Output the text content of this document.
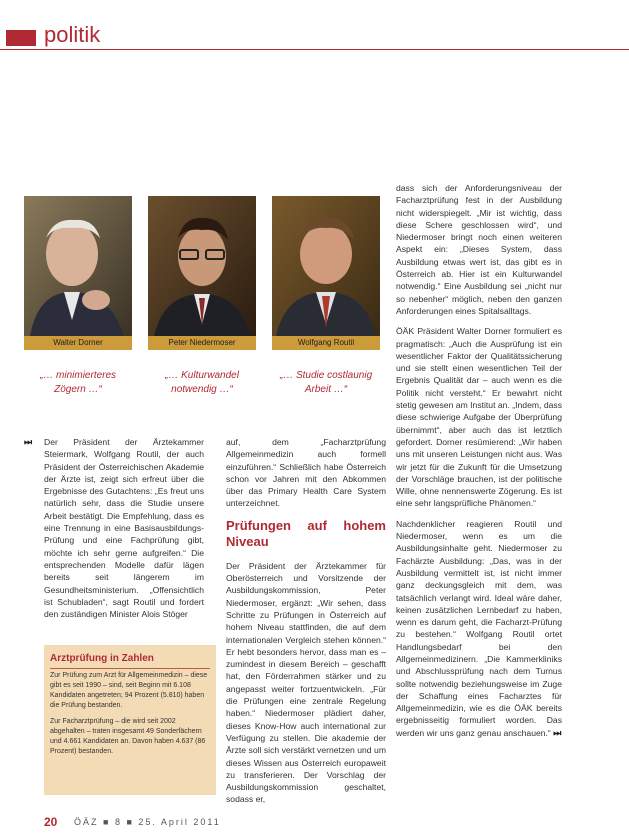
politik
Walter Dorner
„… minimierteres Zögern …“
Peter Niedermoser
„… Kulturwandel notwendig …“
Wolfgang Routil
„… Studie costlaunig Arbeit …“
⏭ Der Präsident der Ärztekammer Steiermark, Wolfgang Routil, der auch Präsident der Österreichischen Akademie der Ärzte ist, zeigt sich erfreut über die Ergebnisse des Gutachtens: „Es freut uns natürlich sehr, dass die Studie unsere Arbeit bestätigt. Die Empfehlung, dass es eine Trennung in eine Basisausbildungs-Prüfung und eine Fachprüfung gibt, möchte ich sehr gerne aufgreifen.“ Die entsprechenden Modelle dafür lägen bereits seit längerem im Gesundheitsministerium. „Offensichtlich ist Schubladen“, sagt Routil und fordert den zuständigen Minister Alois Stöger

auf, dem „Facharztprüfung Allgemeinmedizin auch formell einzuführen.“ Schließlich habe Österreich schon vor Jahren mit den Abkommen über das Primary Health Care System unterzeichnet.

Prüfungen auf hohem Niveau

Der Präsident der Ärztekammer für Oberösterreich und Vorsitzende der Ausbildungskommission, Peter Niedermoser, ergänzt: „Wir sehen, dass Schritte zu Prüfungen in Österreich auf hohem Niveau stattfinden, die auf dem internationalen Vergleich stehen können.“ Er hebt besonders hervor, dass man es – zumindest in diesem Bereich – geschafft hat, den Förderrahmen stärker und zu angepasst weiter fortzuentwickeln. „Für die Prüfungen eine zentrale Regelung haben.“ Niedermoser plädiert daher, dieses Know-How auch international zur Verfügung zu stellen. Die akademie der Ärzte soll sich verstärkt vernetzen und um dieses Wissen aus Österreich europaweit zu transferieren. Der Vorschlag der Ausbildungskommission geschaltet, sodass er,

dass sich der Anforderungsniveau der Facharztprüfung fest in der Ausbildung nicht widerspiegelt. „Mir ist wichtig, dass diese Schere geschlossen wird“, und Niedermoser bringt noch einen weiteren Aspekt ein: „Dieses System, dass Ausbildung etwas wert ist, das gibt es in Österreich ab. Hier ist ein Kulturwandel notwendig.“ Eine Ausbildung sei „nicht nur so nebenher“ möglich, neben den ganzen Anforderungen eines Spitalsalltags.

ÖÄK Präsident Walter Dorner formuliert es pragmatisch: „Auch die Ausprüfung ist ein wesentlicher Faktor der Qualitätssicherung und sie stellt einen wesentlichen Teil der Ergebnis Qualität dar – auch wenn es die Politik nicht versteht.“ Er bewahrt nicht stetig gewesen am Institut an. „Indem, dass diese schwierige Aufgabe der Überprüfung übernimmt“, aber auch das ist letztlich gefordert. Dorner resümierend: „Wir haben uns mit unseren Leistungen nicht aus. Was wir jetzt für die Zukunft für die Umsetzung der Vorschläge brauchen, ist der politische Wille, ohne nennenswerte Zögerung. Es ist eine sehr langsprüfliche Phänomen.“

Nachdenklicher reagieren Routil und Niedermoser, wenn es um die Ausbildungsinhalte geht. Niedermoser zu Fachärzte Ausbildung: „Das, was in der Ausbildung vermittelt ist, ist nicht immer ganz deckungsgleich mit dem, was tatsächlich verlangt wird. Ideal wäre daher, keinen zusätzlichen Lernbedarf zu haben, wenn es darum geht, die Facharzt-Prüfung zu bestehen.“ Wolfgang Routil ortet Handlungsbedarf bei den Allgemeinmedizinern. „Die Kammerkliniks und Abschlussprüfung nach dem Turnus sollte notwendig beziehungsweise im Zuge der Schaffung eines Facharztes für Allgemeinmedizin, wie es die ÖÄK bereits ergebnisseitig formuliert worden. Das werden wir uns ganz genau anschauen.“ ⏭

Arztprüfung in Zahlen

Zur Prüfung zum Arzt für Allgemeinmedizin – diese gibt es seit 1990 – sind, seit Beginn mit 6.108 Kandidaten angetreten; 94 Prozent (5.810) haben die Prüfung bestanden.

Zur Facharztprüfung – die wird seit 2002 abgehalten – traten insgesamt 49 Sonderfächern und 4.661 Kandidaten an. Davon haben 4.637 (86 Prozent) bestanden.

20 ÖÄZ ■ 8 ■ 25. April 2011
